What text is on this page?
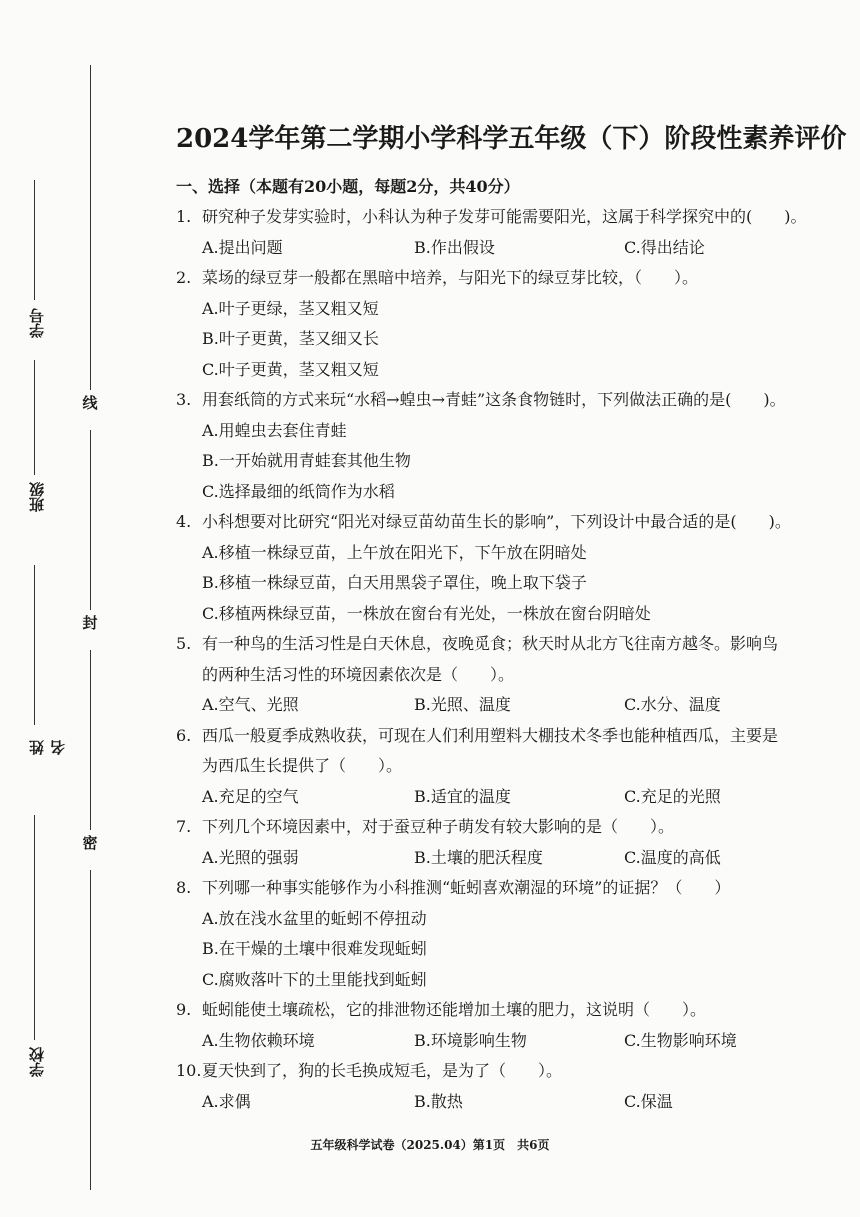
线
封
密
学号
班级
姓名
学校
2024学年第二学期小学科学五年级（下）阶段性素养评价
一、选择（本题有20小题，每题2分，共40分）
1. 研究种子发芽实验时，小科认为种子发芽可能需要阳光，这属于科学探究中的(　　)。
A.提出问题	B.作出假设	C.得出结论
2. 菜场的绿豆芽一般都在黑暗中培养，与阳光下的绿豆芽比较，（　　）。
A.叶子更绿，茎又粗又短
B.叶子更黄，茎又细又长
C.叶子更黄，茎又粗又短
3. 用套纸筒的方式来玩“水稻→蝗虫→青蛙”这条食物链时，下列做法正确的是(　　)。
A.用蝗虫去套住青蛙
B.一开始就用青蛙套其他生物
C.选择最细的纸筒作为水稻
4. 小科想要对比研究“阳光对绿豆苗幼苗生长的影响”，下列设计中最合适的是(　　)。
A.移植一株绿豆苗，上午放在阳光下，下午放在阴暗处
B.移植一株绿豆苗，白天用黑袋子罩住，晚上取下袋子
C.移植两株绿豆苗，一株放在窗台有光处，一株放在窗台阴暗处
5. 有一种鸟的生活习性是白天休息，夜晚觅食；秋天时从北方飞往南方越冬。影响鸟
的两种生活习性的环境因素依次是（　　）。
A.空气、光照	B.光照、温度	C.水分、温度
6. 西瓜一般夏季成熟收获，可现在人们利用塑料大棚技术冬季也能种植西瓜，主要是
为西瓜生长提供了（　　）。
A.充足的空气	B.适宜的温度	C.充足的光照
7. 下列几个环境因素中，对于蚕豆种子萌发有较大影响的是（　　）。
A.光照的强弱	B.土壤的肥沃程度	C.温度的高低
8. 下列哪一种事实能够作为小科推测“蚯蚓喜欢潮湿的环境”的证据？（　　）
A.放在浅水盆里的蚯蚓不停扭动
B.在干燥的土壤中很难发现蚯蚓
C.腐败落叶下的土里能找到蚯蚓
9. 蚯蚓能使土壤疏松，它的排泄物还能增加土壤的肥力，这说明（　　）。
A.生物依赖环境	B.环境影响生物	C.生物影响环境
10. 夏天快到了，狗的长毛换成短毛，是为了（　　）。
A.求偶	B.散热	C.保温
五年级科学试卷（2025.04）第1页　共6页
